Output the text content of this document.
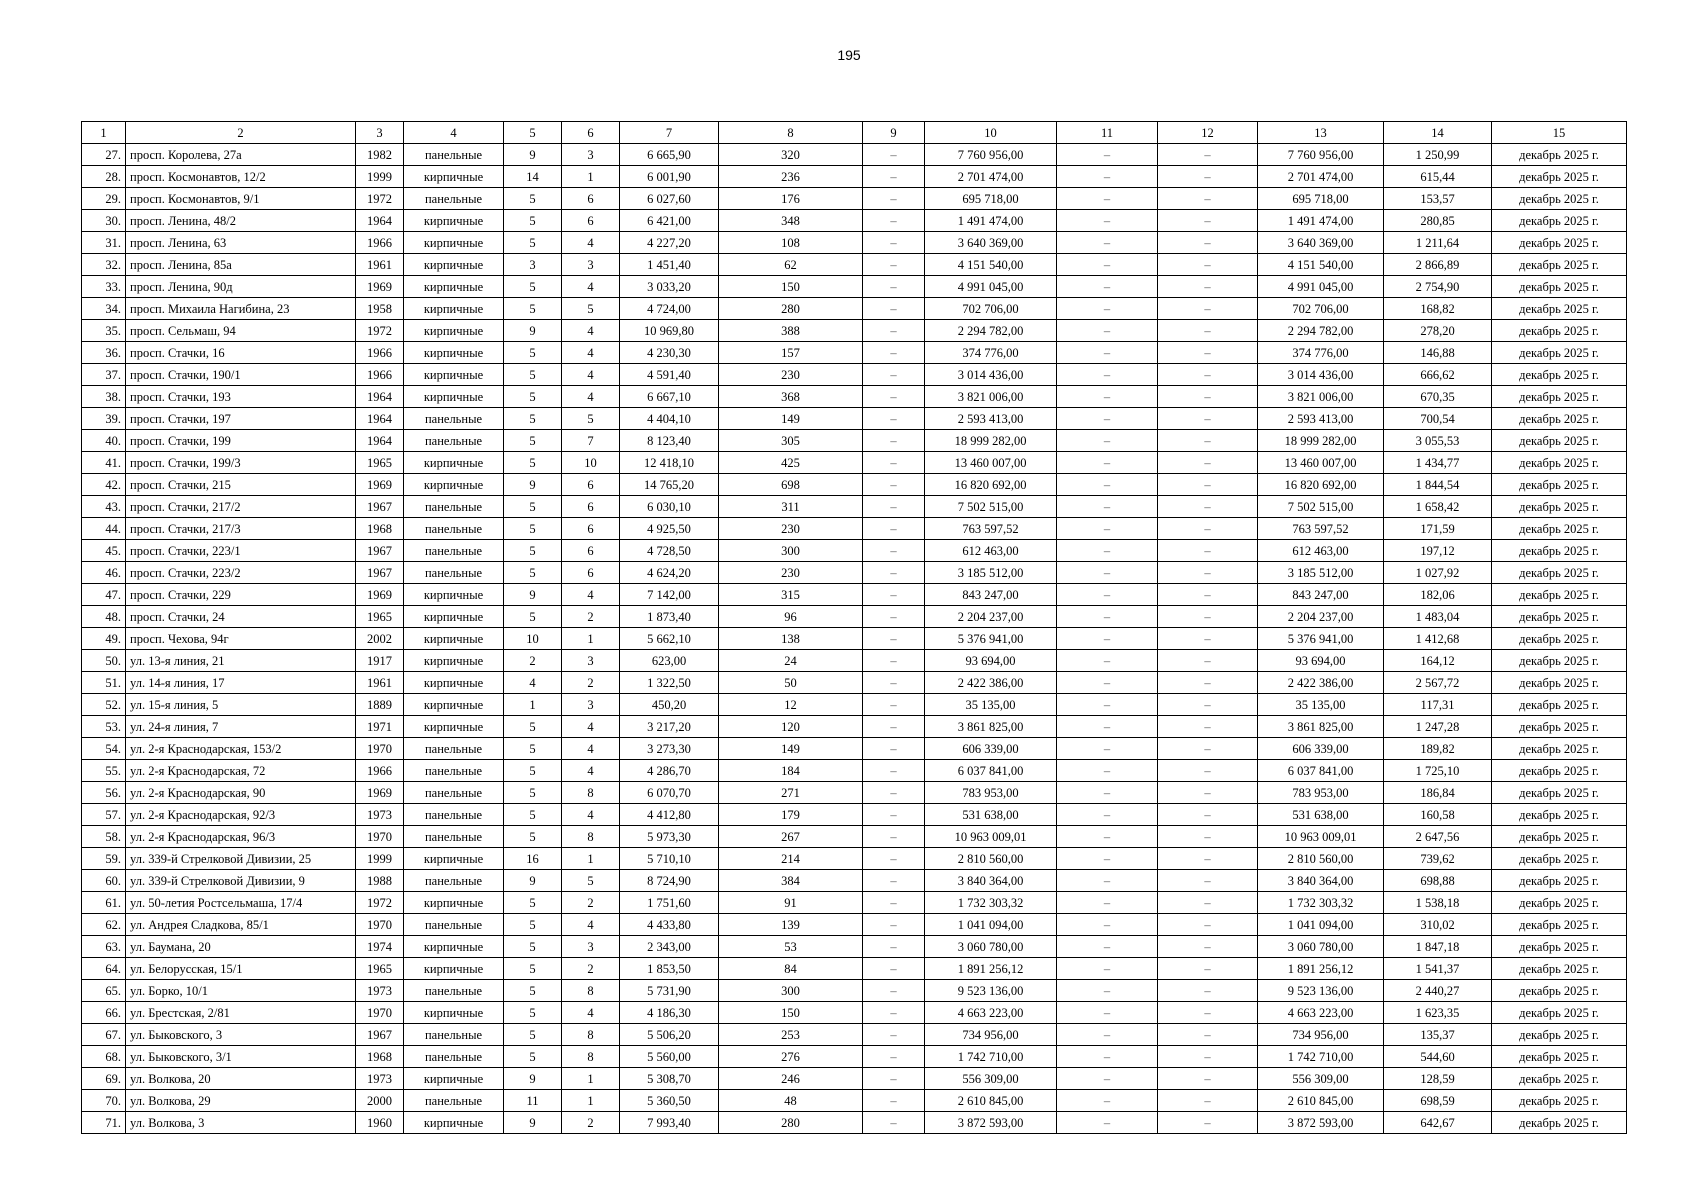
195
1	2	3	4	5	6	7	8	9	10	11	12	13	14	15
27.	просп. Королева, 27а	1982	панельные	9	3	6 665,90	320	–	7 760 956,00	–	–	7 760 956,00	1 250,99	декабрь 2025 г.
28.	просп. Космонавтов, 12/2	1999	кирпичные	14	1	6 001,90	236	–	2 701 474,00	–	–	2 701 474,00	615,44	декабрь 2025 г.
29.	просп. Космонавтов, 9/1	1972	панельные	5	6	6 027,60	176	–	695 718,00	–	–	695 718,00	153,57	декабрь 2025 г.
30.	просп. Ленина, 48/2	1964	кирпичные	5	6	6 421,00	348	–	1 491 474,00	–	–	1 491 474,00	280,85	декабрь 2025 г.
31.	просп. Ленина, 63	1966	кирпичные	5	4	4 227,20	108	–	3 640 369,00	–	–	3 640 369,00	1 211,64	декабрь 2025 г.
32.	просп. Ленина, 85а	1961	кирпичные	3	3	1 451,40	62	–	4 151 540,00	–	–	4 151 540,00	2 866,89	декабрь 2025 г.
33.	просп. Ленина, 90д	1969	кирпичные	5	4	3 033,20	150	–	4 991 045,00	–	–	4 991 045,00	2 754,90	декабрь 2025 г.
34.	просп. Михаила Нагибина, 23	1958	кирпичные	5	5	4 724,00	280	–	702 706,00	–	–	702 706,00	168,82	декабрь 2025 г.
35.	просп. Сельмаш, 94	1972	кирпичные	9	4	10 969,80	388	–	2 294 782,00	–	–	2 294 782,00	278,20	декабрь 2025 г.
36.	просп. Стачки, 16	1966	кирпичные	5	4	4 230,30	157	–	374 776,00	–	–	374 776,00	146,88	декабрь 2025 г.
37.	просп. Стачки, 190/1	1966	кирпичные	5	4	4 591,40	230	–	3 014 436,00	–	–	3 014 436,00	666,62	декабрь 2025 г.
38.	просп. Стачки, 193	1964	кирпичные	5	4	6 667,10	368	–	3 821 006,00	–	–	3 821 006,00	670,35	декабрь 2025 г.
39.	просп. Стачки, 197	1964	панельные	5	5	4 404,10	149	–	2 593 413,00	–	–	2 593 413,00	700,54	декабрь 2025 г.
40.	просп. Стачки, 199	1964	панельные	5	7	8 123,40	305	–	18 999 282,00	–	–	18 999 282,00	3 055,53	декабрь 2025 г.
41.	просп. Стачки, 199/3	1965	кирпичные	5	10	12 418,10	425	–	13 460 007,00	–	–	13 460 007,00	1 434,77	декабрь 2025 г.
42.	просп. Стачки, 215	1969	кирпичные	9	6	14 765,20	698	–	16 820 692,00	–	–	16 820 692,00	1 844,54	декабрь 2025 г.
43.	просп. Стачки, 217/2	1967	панельные	5	6	6 030,10	311	–	7 502 515,00	–	–	7 502 515,00	1 658,42	декабрь 2025 г.
44.	просп. Стачки, 217/3	1968	панельные	5	6	4 925,50	230	–	763 597,52	–	–	763 597,52	171,59	декабрь 2025 г.
45.	просп. Стачки, 223/1	1967	панельные	5	6	4 728,50	300	–	612 463,00	–	–	612 463,00	197,12	декабрь 2025 г.
46.	просп. Стачки, 223/2	1967	панельные	5	6	4 624,20	230	–	3 185 512,00	–	–	3 185 512,00	1 027,92	декабрь 2025 г.
47.	просп. Стачки, 229	1969	кирпичные	9	4	7 142,00	315	–	843 247,00	–	–	843 247,00	182,06	декабрь 2025 г.
48.	просп. Стачки, 24	1965	кирпичные	5	2	1 873,40	96	–	2 204 237,00	–	–	2 204 237,00	1 483,04	декабрь 2025 г.
49.	просп. Чехова, 94г	2002	кирпичные	10	1	5 662,10	138	–	5 376 941,00	–	–	5 376 941,00	1 412,68	декабрь 2025 г.
50.	ул. 13-я линия, 21	1917	кирпичные	2	3	623,00	24	–	93 694,00	–	–	93 694,00	164,12	декабрь 2025 г.
51.	ул. 14-я линия, 17	1961	кирпичные	4	2	1 322,50	50	–	2 422 386,00	–	–	2 422 386,00	2 567,72	декабрь 2025 г.
52.	ул. 15-я линия, 5	1889	кирпичные	1	3	450,20	12	–	35 135,00	–	–	35 135,00	117,31	декабрь 2025 г.
53.	ул. 24-я линия, 7	1971	кирпичные	5	4	3 217,20	120	–	3 861 825,00	–	–	3 861 825,00	1 247,28	декабрь 2025 г.
54.	ул. 2-я Краснодарская, 153/2	1970	панельные	5	4	3 273,30	149	–	606 339,00	–	–	606 339,00	189,82	декабрь 2025 г.
55.	ул. 2-я Краснодарская, 72	1966	панельные	5	4	4 286,70	184	–	6 037 841,00	–	–	6 037 841,00	1 725,10	декабрь 2025 г.
56.	ул. 2-я Краснодарская, 90	1969	панельные	5	8	6 070,70	271	–	783 953,00	–	–	783 953,00	186,84	декабрь 2025 г.
57.	ул. 2-я Краснодарская, 92/3	1973	панельные	5	4	4 412,80	179	–	531 638,00	–	–	531 638,00	160,58	декабрь 2025 г.
58.	ул. 2-я Краснодарская, 96/3	1970	панельные	5	8	5 973,30	267	–	10 963 009,01	–	–	10 963 009,01	2 647,56	декабрь 2025 г.
59.	ул. 339-й Стрелковой Дивизии, 25	1999	кирпичные	16	1	5 710,10	214	–	2 810 560,00	–	–	2 810 560,00	739,62	декабрь 2025 г.
60.	ул. 339-й Стрелковой Дивизии, 9	1988	панельные	9	5	8 724,90	384	–	3 840 364,00	–	–	3 840 364,00	698,88	декабрь 2025 г.
61.	ул. 50-летия Ростсельмаша, 17/4	1972	кирпичные	5	2	1 751,60	91	–	1 732 303,32	–	–	1 732 303,32	1 538,18	декабрь 2025 г.
62.	ул. Андрея Сладкова, 85/1	1970	панельные	5	4	4 433,80	139	–	1 041 094,00	–	–	1 041 094,00	310,02	декабрь 2025 г.
63.	ул. Баумана, 20	1974	кирпичные	5	3	2 343,00	53	–	3 060 780,00	–	–	3 060 780,00	1 847,18	декабрь 2025 г.
64.	ул. Белорусская, 15/1	1965	кирпичные	5	2	1 853,50	84	–	1 891 256,12	–	–	1 891 256,12	1 541,37	декабрь 2025 г.
65.	ул. Борко, 10/1	1973	панельные	5	8	5 731,90	300	–	9 523 136,00	–	–	9 523 136,00	2 440,27	декабрь 2025 г.
66.	ул. Брестская, 2/81	1970	кирпичные	5	4	4 186,30	150	–	4 663 223,00	–	–	4 663 223,00	1 623,35	декабрь 2025 г.
67.	ул. Быковского, 3	1967	панельные	5	8	5 506,20	253	–	734 956,00	–	–	734 956,00	135,37	декабрь 2025 г.
68.	ул. Быковского, 3/1	1968	панельные	5	8	5 560,00	276	–	1 742 710,00	–	–	1 742 710,00	544,60	декабрь 2025 г.
69.	ул. Волкова, 20	1973	кирпичные	9	1	5 308,70	246	–	556 309,00	–	–	556 309,00	128,59	декабрь 2025 г.
70.	ул. Волкова, 29	2000	панельные	11	1	5 360,50	48	–	2 610 845,00	–	–	2 610 845,00	698,59	декабрь 2025 г.
71.	ул. Волкова, 3	1960	кирпичные	9	2	7 993,40	280	–	3 872 593,00	–	–	3 872 593,00	642,67	декабрь 2025 г.
